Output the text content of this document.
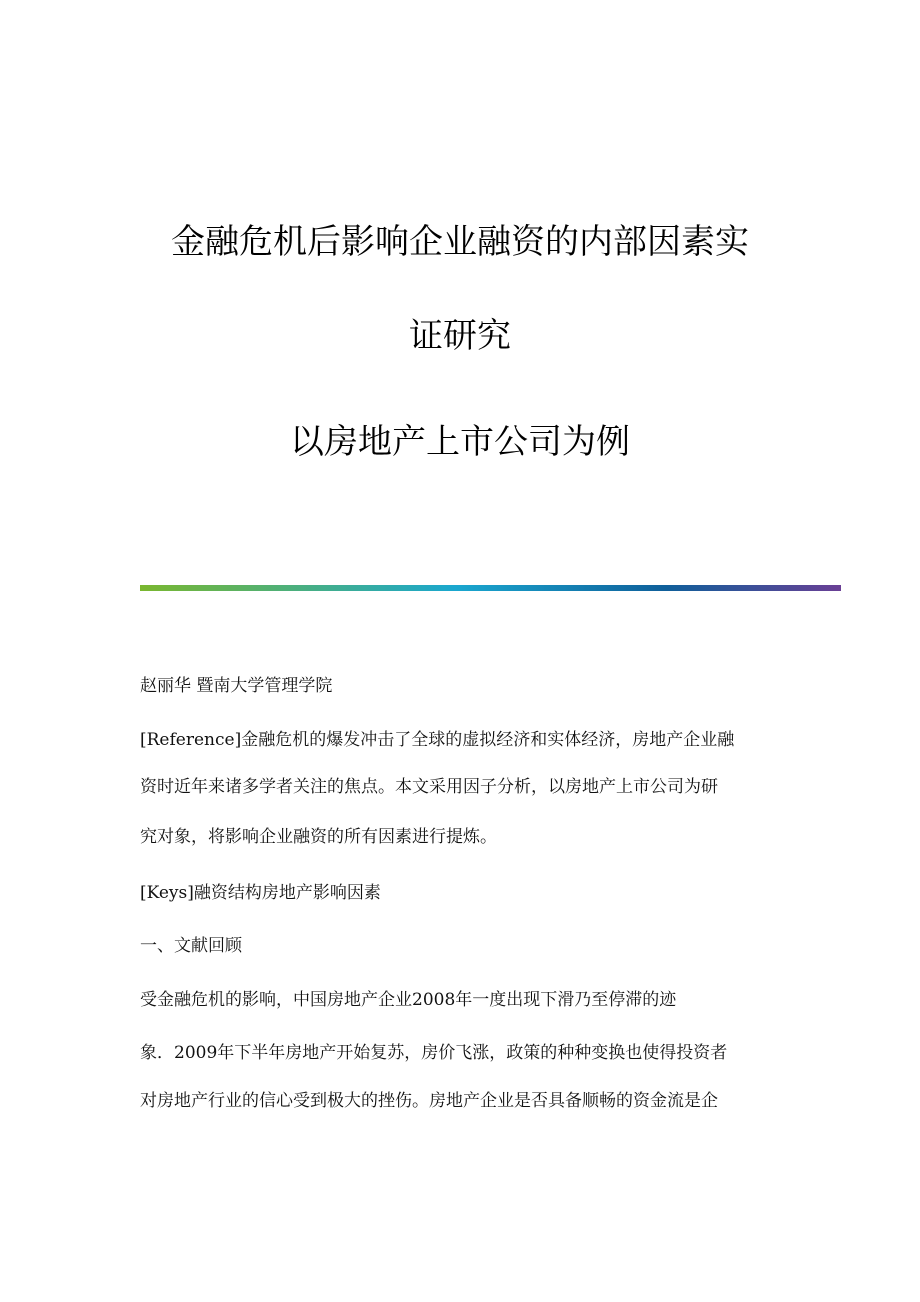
金融危机后影响企业融资的内部因素实
证研究
以房地产上市公司为例
赵丽华 暨南大学管理学院
[Reference]金融危机的爆发冲击了全球的虚拟经济和实体经济，房地产企业融
资时近年来诸多学者关注的焦点。本文采用因子分析，以房地产上市公司为研
究对象，将影响企业融资的所有因素进行提炼。
[Keys]融资结构房地产影响因素
一、文献回顾
受金融危机的影响，中国房地产企业2008年一度出现下滑乃至停滞的迹
象．2009年下半年房地产开始复苏，房价飞涨，政策的种种变换也使得投资者
对房地产行业的信心受到极大的挫伤。房地产企业是否具备顺畅的资金流是企
